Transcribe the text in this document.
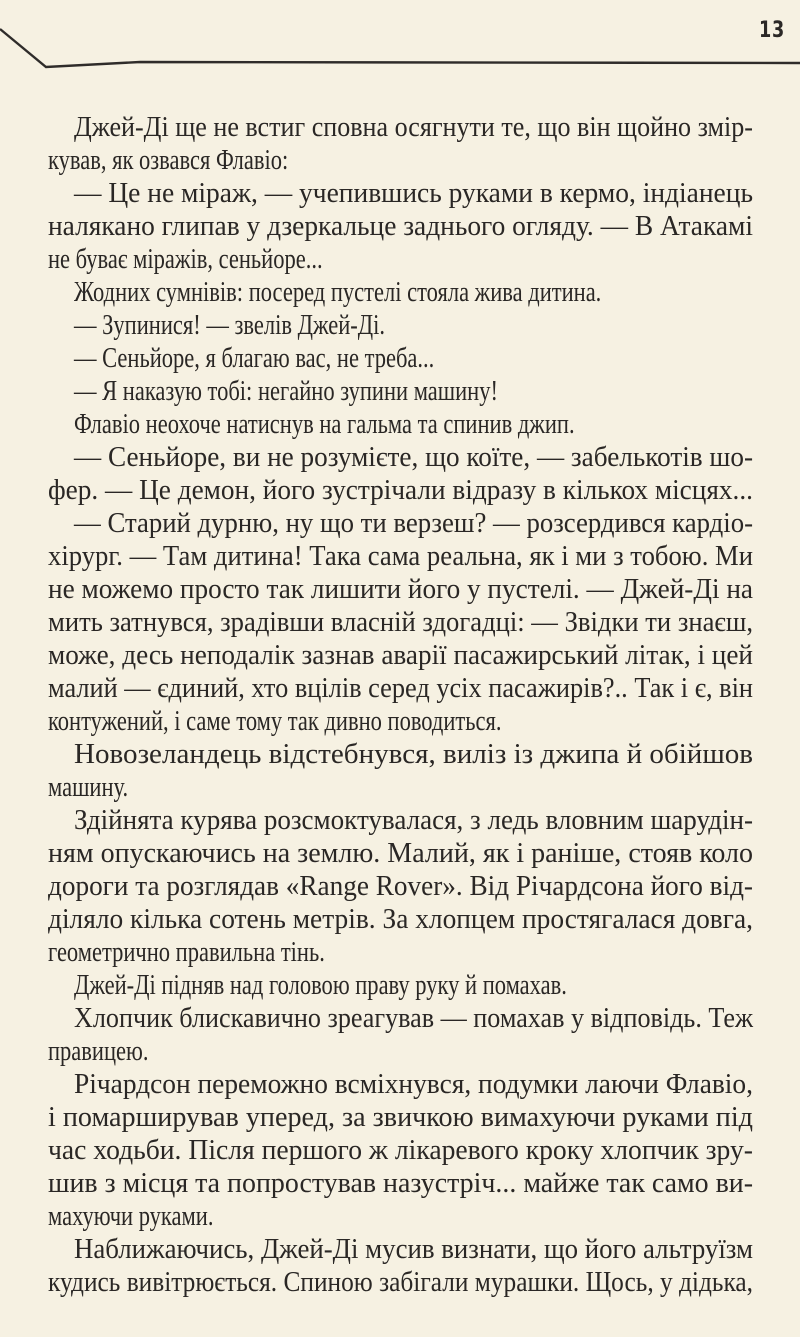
13
Джей-Ді ще не встиг сповна осягнути те, що він щойно змір-
кував, як озвався Флавіо:
— Це не міраж, — учепившись руками в кермо, індіанець
налякано глипав у дзеркальце заднього огляду. — В Атакамі
не буває міражів, сеньйоре...
Жодних сумнівів: посеред пустелі стояла жива дитина.
— Зупинися! — звелів Джей-Ді.
— Сеньйоре, я благаю вас, не треба...
— Я наказую тобі: негайно зупини машину!
Флавіо неохоче натиснув на гальма та спинив джип.
— Сеньйоре, ви не розумієте, що коїте, — забелькотів шо-
фер. — Це демон, його зустрічали відразу в кількох місцях...
— Старий дурню, ну що ти верзеш? — розсердився кардіо-
хірург. — Там дитина! Така сама реальна, як і ми з тобою. Ми
не можемо просто так лишити його у пустелі. — Джей-Ді на
мить затнувся, зрадівши власній здогадці: — Звідки ти знаєш,
може, десь неподалік зазнав аварії пасажирський літак, і цей
малий — єдиний, хто вцілів серед усіх пасажирів?.. Так і є, він
контужений, і саме тому так дивно поводиться.
Новозеландець відстебнувся, виліз із джипа й обійшов
машину.
Здійнята курява розсмоктувалася, з ледь вловним шарудін-
ням опускаючись на землю. Малий, як і раніше, стояв коло
дороги та розглядав «Range Rover». Від Річардсона його від-
діляло кілька сотень метрів. За хлопцем простягалася довга,
геометрично правильна тінь.
Джей-Ді підняв над головою праву руку й помахав.
Хлопчик блискавично зреагував — помахав у відповідь. Теж
правицею.
Річардсон переможно всміхнувся, подумки лаючи Флавіо,
і помарширував уперед, за звичкою вимахуючи руками під
час ходьби. Після першого ж лікаревого кроку хлопчик зру-
шив з місця та попростував назустріч... майже так само ви-
махуючи руками.
Наближаючись, Джей-Ді мусив визнати, що його альтруїзм
кудись вивітрюється. Спиною забігали мурашки. Щось, у дідька,
